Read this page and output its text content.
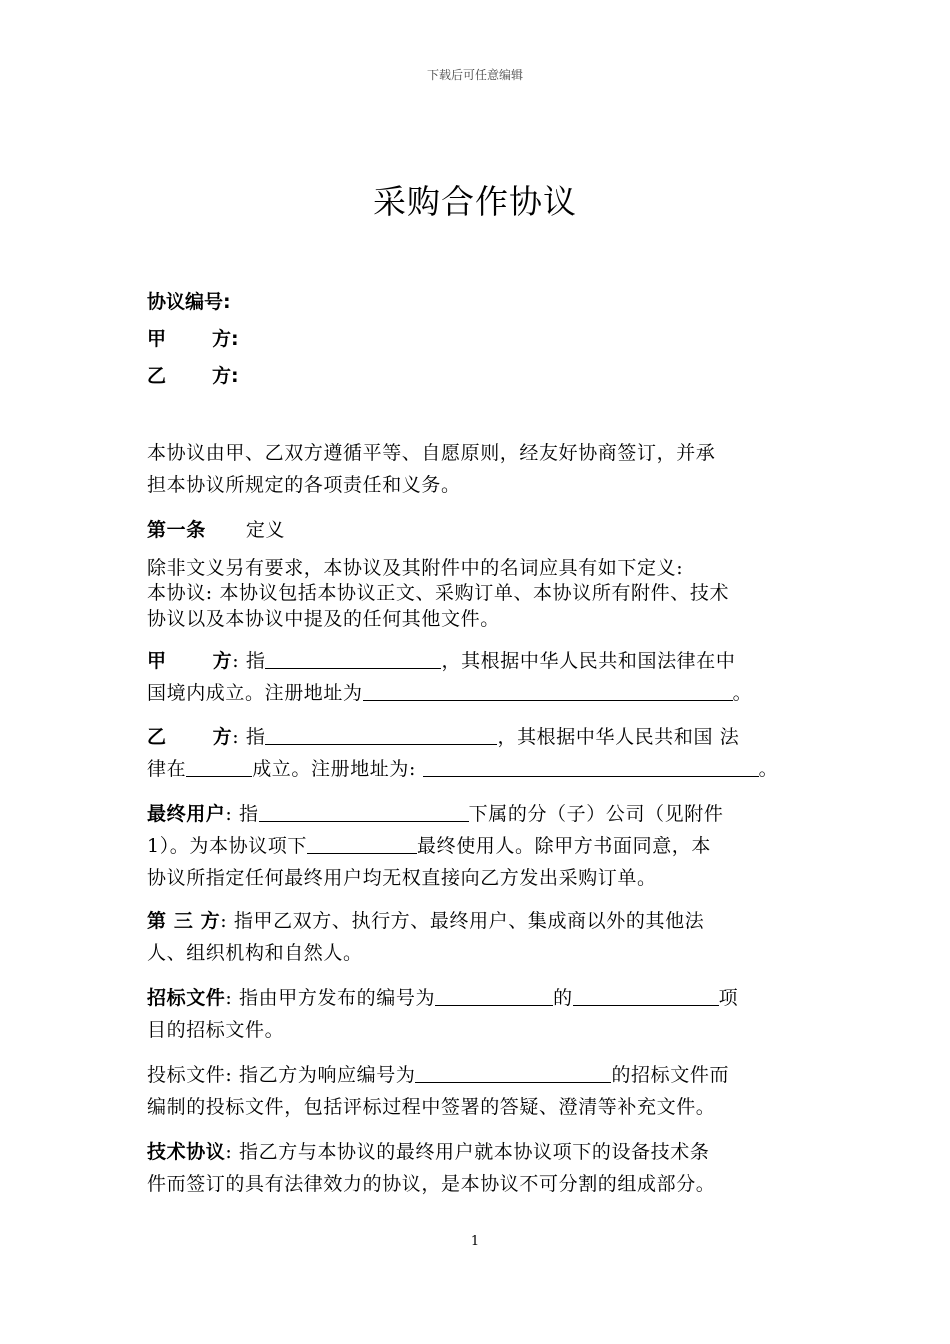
下载后可任意编辑
采购合作协议
协议编号:
甲 方:
乙 方:
本协议由甲、乙双方遵循平等、自愿原则，经友好协商签订，并承
担本协议所规定的各项责任和义务。
第一条 定义
除非文义另有要求，本协议及其附件中的名词应具有如下定义:
本协议: 本协议包括本协议正文、采购订单、本协议所有附件、技术
协议以及本协议中提及的任何其他文件。
甲 方: 指	，其根据中华人民共和国法律在中
国境内成立。注册地址为	。
乙 方: 指	，其根据中华人民共和国 法
律在	成立。注册地址为:	。
最终用户: 指	下属的分（子）公司（见附件
1）。为本协议项下	最终使用人。除甲方书面同意，本
协议所指定任何最终用户均无权直接向乙方发出采购订单。
第 三 方: 指甲乙双方、执行方、最终用户、集成商以外的其他法
人、组织机构和自然人。
招标文件: 指由甲方发布的编号为	的	项
目的招标文件。
投标文件: 指乙方为响应编号为	的招标文件而
编制的投标文件，包括评标过程中签署的答疑、澄清等补充文件。
技术协议: 指乙方与本协议的最终用户就本协议项下的设备技术条
件而签订的具有法律效力的协议，是本协议不可分割的组成部分。
1
